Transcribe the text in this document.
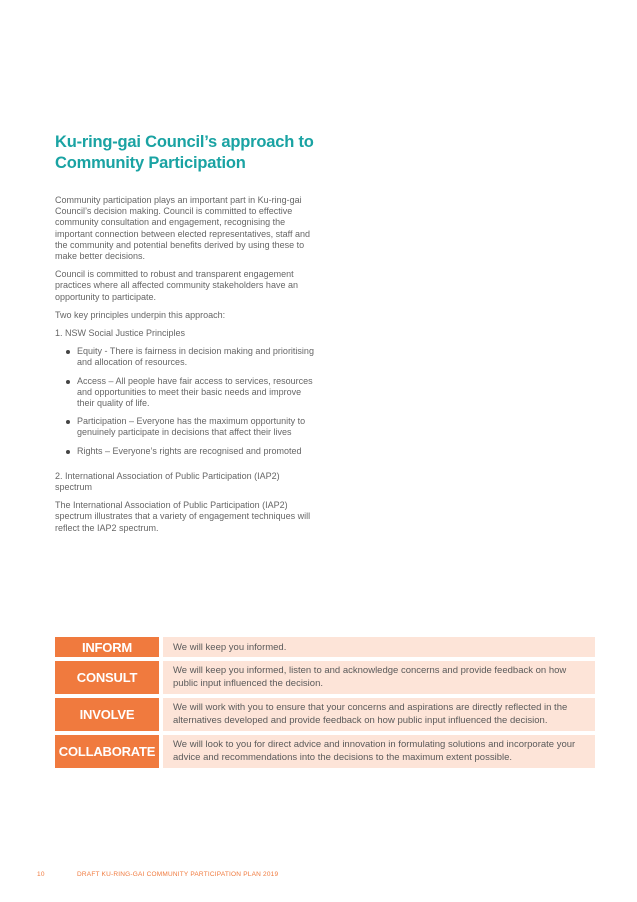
Ku-ring-gai Council’s approach to Community Participation

Community participation plays an important part in Ku-ring-gai Council’s decision making. Council is committed to effective community consultation and engagement, recognising the important connection between elected representatives, staff and the community and potential benefits derived by using these to make better decisions.

Council is committed to robust and transparent engagement practices where all affected community stakeholders have an opportunity to participate.

Two key principles underpin this approach:

1. NSW Social Justice Principles

Equity - There is fairness in decision making and prioritising and allocation of resources.
Access – All people have fair access to services, resources and opportunities to meet their basic needs and improve their quality of life.
Participation – Everyone has the maximum opportunity to genuinely participate in decisions that affect their lives
Rights – Everyone’s rights are recognised and promoted

2. International Association of Public Participation (IAP2) spectrum

The International Association of Public Participation (IAP2) spectrum illustrates that a variety of engagement techniques will reflect the IAP2 spectrum.

INFORM	We will keep you informed.
CONSULT	We will keep you informed, listen to and acknowledge concerns and provide feedback on how public input influenced the decision.
INVOLVE	We will work with you to ensure that your concerns and aspirations are directly reflected in the alternatives developed and provide feedback on how public input influenced the decision.
COLLABORATE	We will look to you for direct advice and innovation in formulating solutions and incorporate your advice and recommendations into the decisions to the maximum extent possible.
10	DRAFT KU-RING-GAI COMMUNITY PARTICIPATION PLAN 2019
